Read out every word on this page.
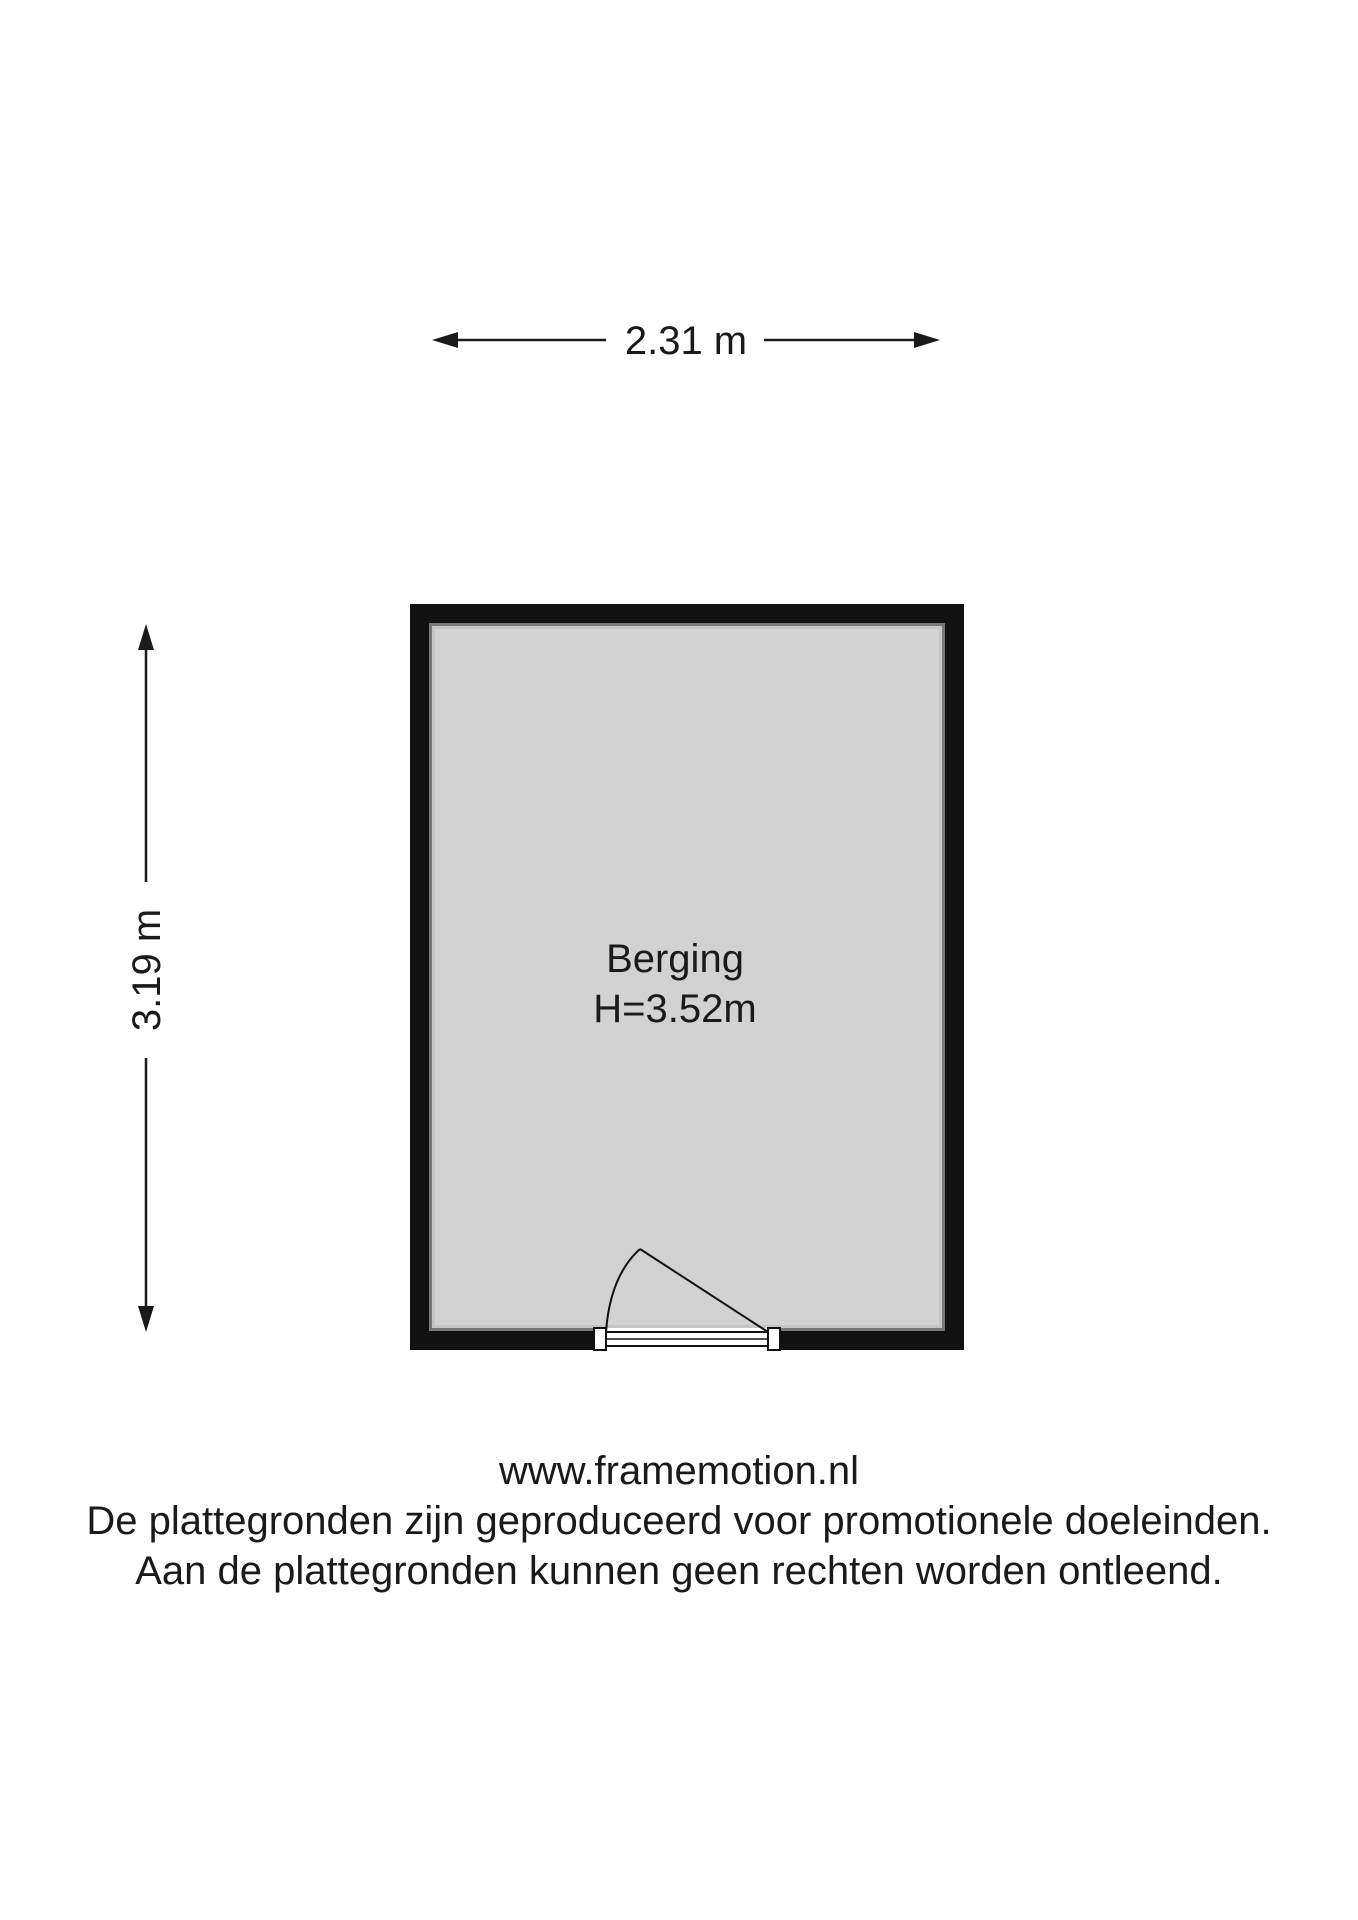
2.31 m
3.19 m	Berging
H=3.52m
www.framemotion.nl
De plattegronden zijn geproduceerd voor promotionele doeleinden.
Aan de plattegronden kunnen geen rechten worden ontleend.
